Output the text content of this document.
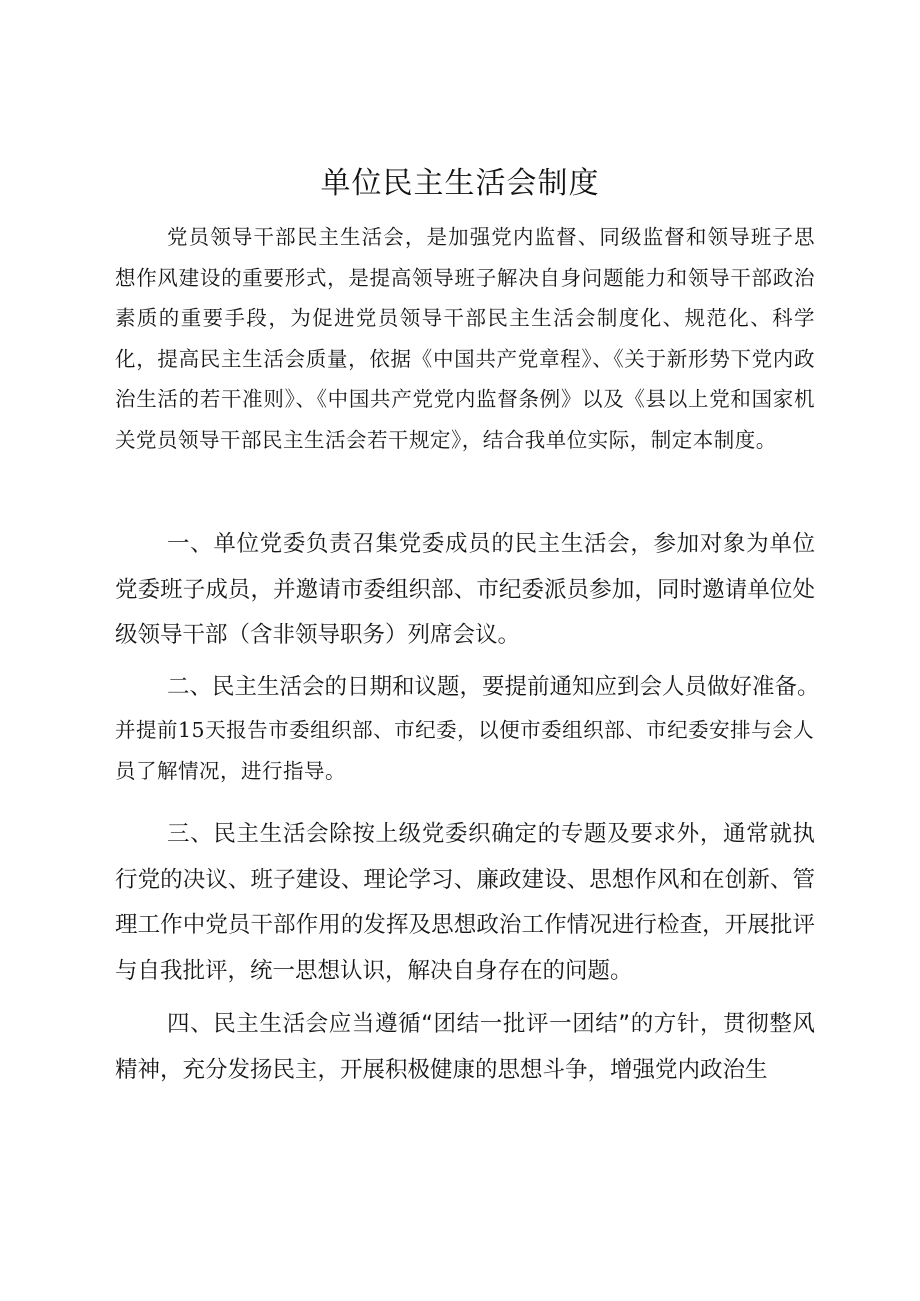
单位民主生活会制度

党员领导干部民主生活会，是加强党内监督、同级监督和领导班子思想作风建设的重要形式，是提高领导班子解决自身问题能力和领导干部政治素质的重要手段，为促进党员领导干部民主生活会制度化、规范化、科学化，提高民主生活会质量，依据《中国共产党章程》、《关于新形势下党内政治生活的若干准则》、《中国共产党党内监督条例》以及《县以上党和国家机关党员领导干部民主生活会若干规定》，结合我单位实际，制定本制度。

一、单位党委负责召集党委成员的民主生活会，参加对象为单位党委班子成员，并邀请市委组织部、市纪委派员参加，同时邀请单位处级领导干部（含非领导职务）列席会议。

二、民主生活会的日期和议题，要提前通知应到会人员做好准备。
并提前15天报告市委组织部、市纪委，以便市委组织部、市纪委安排与会人员了解情况，进行指导。

三、民主生活会除按上级党委织确定的专题及要求外，通常就执行党的决议、班子建设、理论学习、廉政建设、思想作风和在创新、管理工作中党员干部作用的发挥及思想政治工作情况进行检查，开展批评与自我批评，统一思想认识，解决自身存在的问题。

四、民主生活会应当遵循“团结一批评一团结”的方针，贯彻整风精神，充分发扬民主，开展积极健康的思想斗争，增强党内政治生
